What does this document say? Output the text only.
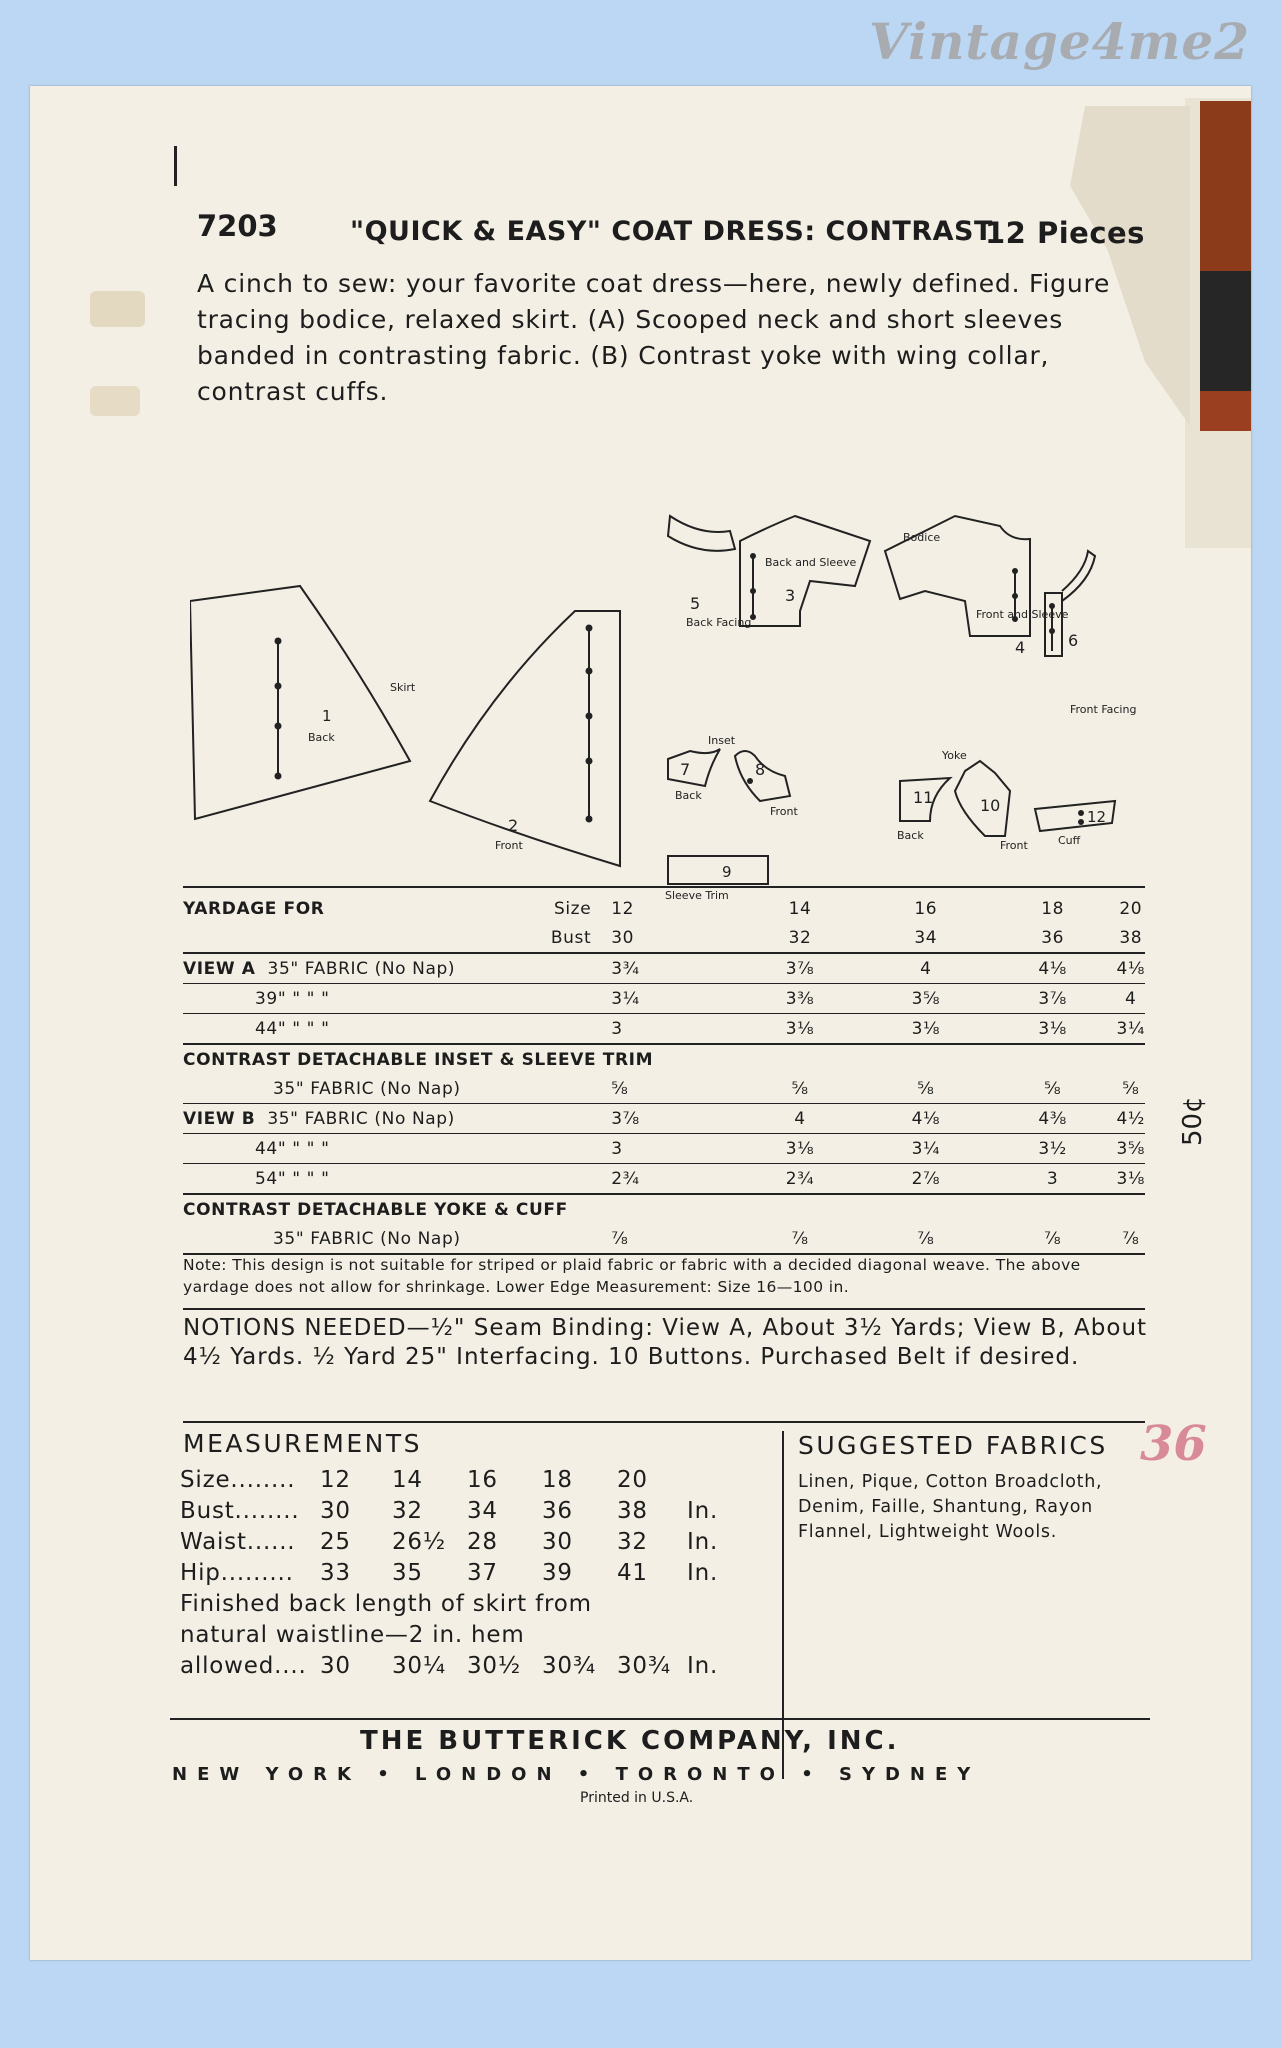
Vintage4me2
7203	"QUICK & EASY" COAT DRESS: CONTRAST
12 Pieces
A cinch to sew: your favorite coat dress—here, newly defined. Figure tracing bodice, relaxed skirt. (A) Scooped neck and short sleeves banded in contrasting fabric. (B) Contrast yoke with wing collar, contrast cuffs.
Bodice
Skirt
Inset
Yoke
1
Back
2
Front
3
Back and Sleeve
4
Front and Sleeve
5
Back Facing
6
Front Facing
7
Back
8
Front
9
Sleeve Trim
10
Front
11
Back
12
Cuff
YARDAGE FOR	Size	12	14	16	18	20
	Bust	30	32	34	36	38
VIEW A 35" FABRIC (No Nap)		3¾	3⅞	4	4⅛	4⅛
39" " " "		3¼	3⅜	3⅝	3⅞	4
44" " " "		3	3⅛	3⅛	3⅛	3¼
CONTRAST DETACHABLE INSET & SLEEVE TRIM						
35" FABRIC (No Nap)		⅝	⅝	⅝	⅝	⅝
VIEW B 35" FABRIC (No Nap)		3⅞	4	4⅛	4⅜	4½
44" " " "		3	3⅛	3¼	3½	3⅝
54" " " "		2¾	2¾	2⅞	3	3⅛
CONTRAST DETACHABLE YOKE & CUFF						
35" FABRIC (No Nap)		⅞	⅞	⅞	⅞	⅞
Note: This design is not suitable for striped or plaid fabric or fabric with a decided diagonal weave. The above yardage does not allow for shrinkage. Lower Edge Measurement: Size 16—100 in.
NOTIONS NEEDED—½" Seam Binding: View A, About 3½ Yards; View B, About 4½ Yards. ½ Yard 25" Interfacing. 10 Buttons. Purchased Belt if desired.
MEASUREMENTS
Size........	12	14	16	18	20	
Bust........	30	32	34	36	38	In.
Waist......	25	26½	28	30	32	In.
Hip.........	33	35	37	39	41	In.
Finished back length of skirt from						
natural waistline—2 in. hem						
allowed....	30	30¼	30½	30¾	30¾	In.
SUGGESTED FABRICS
Linen, Pique, Cotton Broadcloth, Denim, Faille, Shantung, Rayon Flannel, Lightweight Wools.
THE BUTTERICK COMPANY, INC.
NEW YORK • LONDON • TORONTO • SYDNEY
Printed in U.S.A.
50¢
36
